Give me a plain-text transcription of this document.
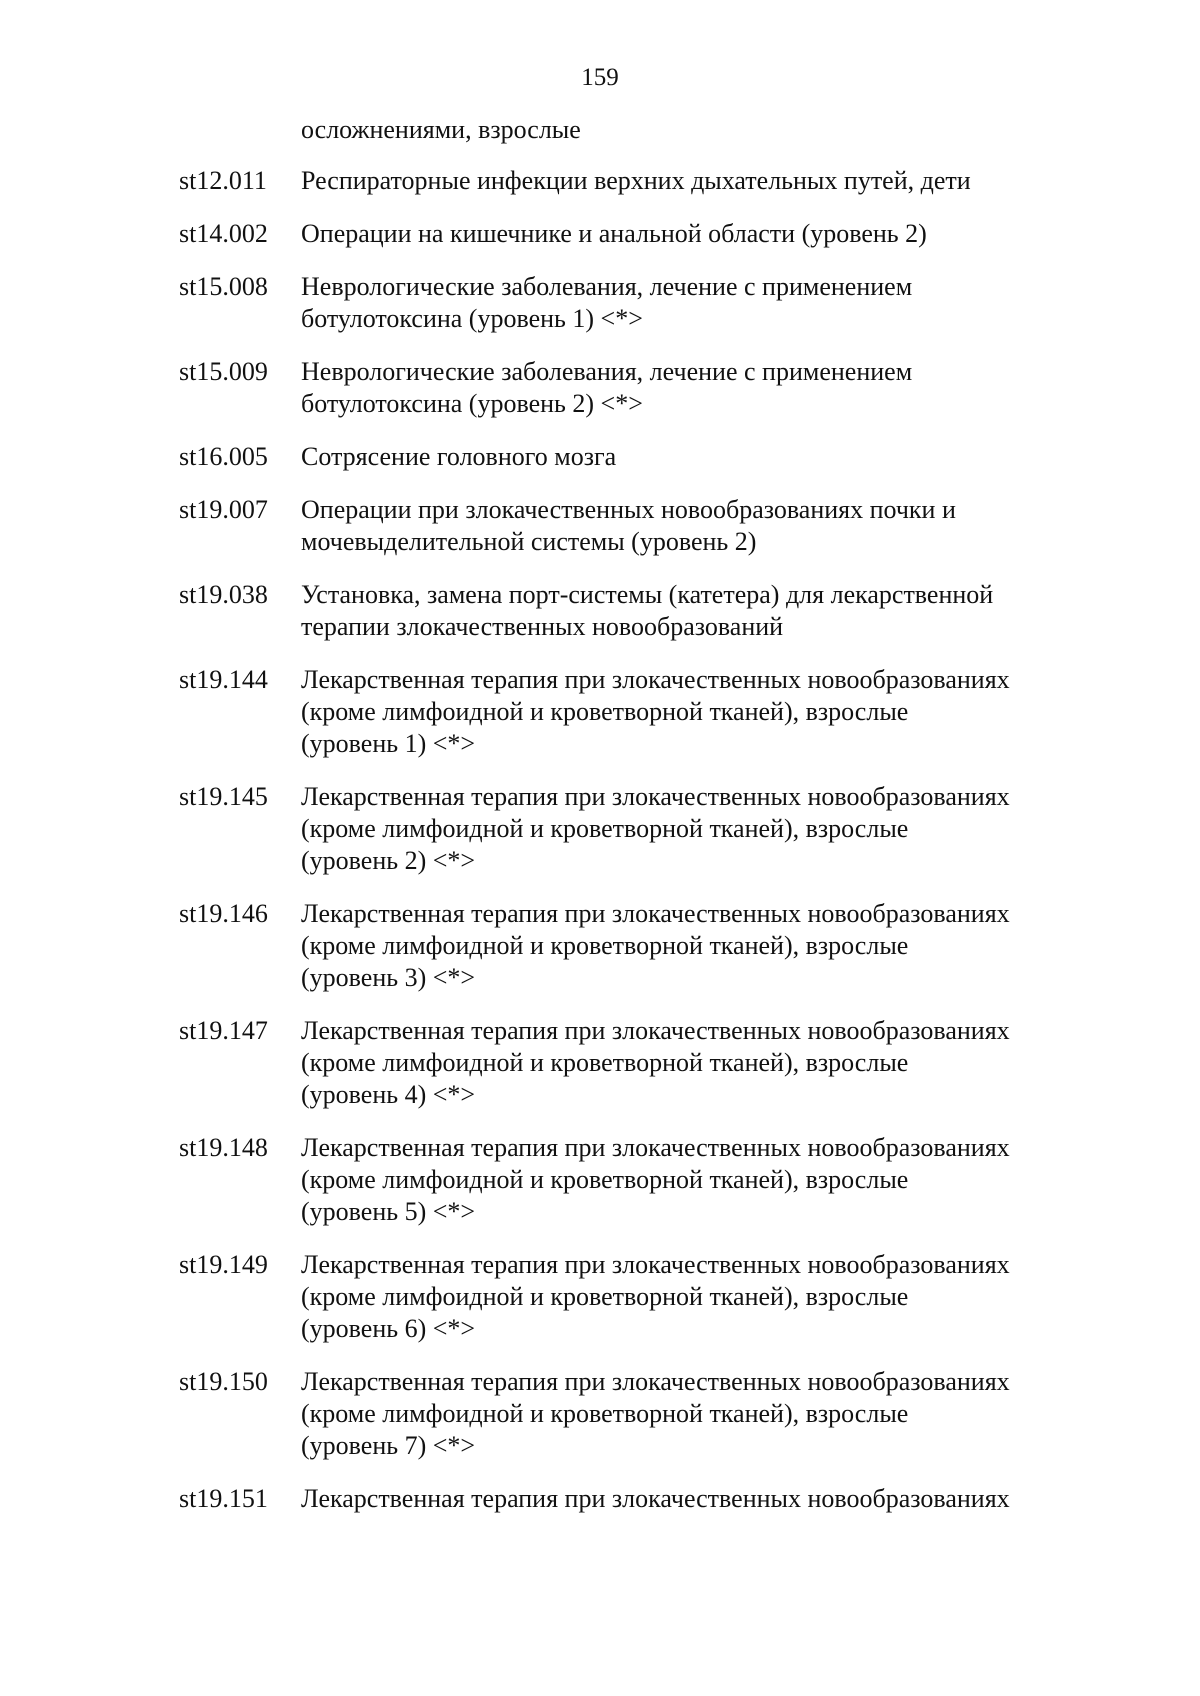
159
осложнениями, взрослые
st12.011	Респираторные инфекции верхних дыхательных путей, дети
st14.002	Операции на кишечнике и анальной области (уровень 2)
st15.008	Неврологические заболевания, лечение с применением
ботулотоксина (уровень 1) <*>
st15.009	Неврологические заболевания, лечение с применением
ботулотоксина (уровень 2) <*>
st16.005	Сотрясение головного мозга
st19.007	Операции при злокачественных новообразованиях почки и
мочевыделительной системы (уровень 2)
st19.038	Установка, замена порт-системы (катетера) для лекарственной
терапии злокачественных новообразований
st19.144	Лекарственная терапия при злокачественных новообразованиях
(кроме лимфоидной и кроветворной тканей), взрослые
(уровень 1) <*>
st19.145	Лекарственная терапия при злокачественных новообразованиях
(кроме лимфоидной и кроветворной тканей), взрослые
(уровень 2) <*>
st19.146	Лекарственная терапия при злокачественных новообразованиях
(кроме лимфоидной и кроветворной тканей), взрослые
(уровень 3) <*>
st19.147	Лекарственная терапия при злокачественных новообразованиях
(кроме лимфоидной и кроветворной тканей), взрослые
(уровень 4) <*>
st19.148	Лекарственная терапия при злокачественных новообразованиях
(кроме лимфоидной и кроветворной тканей), взрослые
(уровень 5) <*>
st19.149	Лекарственная терапия при злокачественных новообразованиях
(кроме лимфоидной и кроветворной тканей), взрослые
(уровень 6) <*>
st19.150	Лекарственная терапия при злокачественных новообразованиях
(кроме лимфоидной и кроветворной тканей), взрослые
(уровень 7) <*>
st19.151	Лекарственная терапия при злокачественных новообразованиях
